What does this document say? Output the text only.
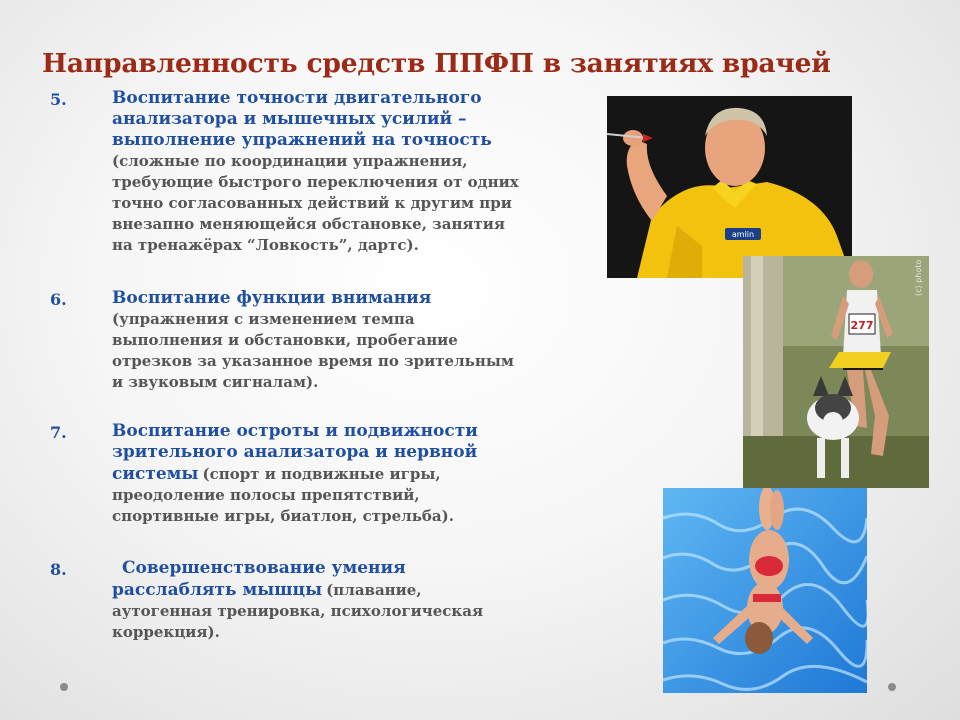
Направленность средств ППФП в занятиях врачей
5.	Воспитание точности двигательного
анализатора и мышечных усилий –
выполнение упражнений на точность
(сложные по координации упражнения,
требующие быстрого переключения от одних
точно согласованных действий к другим при
внезапно меняющейся обстановке, занятия
на тренажёрах “Ловкость”, дартс).
6.	Воспитание функции внимания
(упражнения с изменением темпа
выполнения и обстановки, пробегание
отрезков за указанное время по зрительным
и звуковым сигналам).
7.	Воспитание остроты и подвижности
зрительного анализатора и нервной
системы (спорт и подвижные игры,
преодоление полосы препятствий,
спортивные игры, биатлон, стрельба).
8.	Совершенствование умения
расслаблять мышцы (плавание,
аутогенная тренировка, психологическая
коррекция).
amlin
277
(c) photo
